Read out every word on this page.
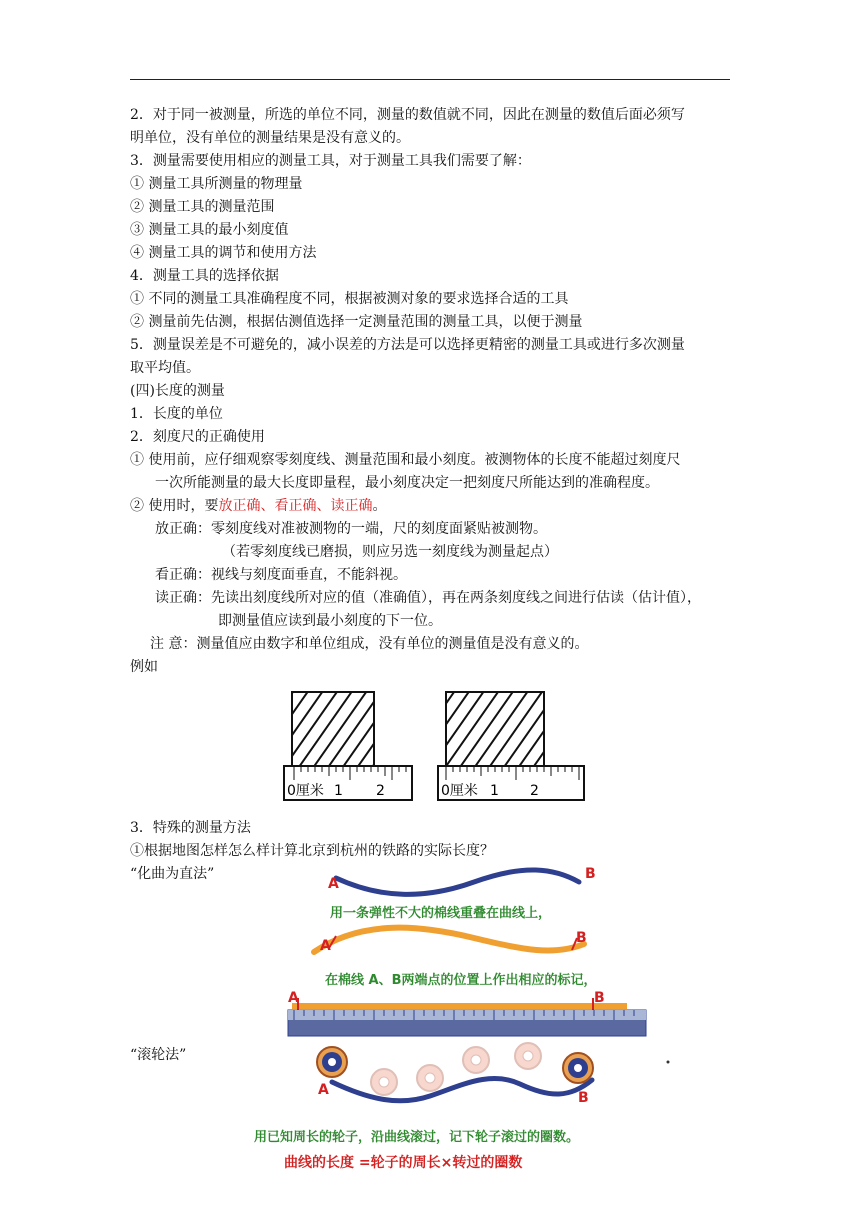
2．对于同一被测量，所选的单位不同，测量的数值就不同，因此在测量的数值后面必须写
明单位，没有单位的测量结果是没有意义的。
3．测量需要使用相应的测量工具，对于测量工具我们需要了解：
① 测量工具所测量的物理量
② 测量工具的测量范围
③ 测量工具的最小刻度值
④ 测量工具的调节和使用方法
4．测量工具的选择依据
① 不同的测量工具准确程度不同，根据被测对象的要求选择合适的工具
② 测量前先估测，根据估测值选择一定测量范围的测量工具，以便于测量
5．测量误差是不可避免的，减小误差的方法是可以选择更精密的测量工具或进行多次测量
取平均值。
(四)长度的测量
1．长度的单位
2．刻度尺的正确使用
① 使用前，应仔细观察零刻度线、测量范围和最小刻度。被测物体的长度不能超过刻度尺
一次所能测量的最大长度即量程，最小刻度决定一把刻度尺所能达到的准确程度。
② 使用时，要放正确、看正确、读正确。
放正确：零刻度线对准被测物的一端，尺的刻度面紧贴被测物。
（若零刻度线已磨损，则应另选一刻度线为测量起点）
看正确：视线与刻度面垂直，不能斜视。
读正确：先读出刻度线所对应的值（准确值），再在两条刻度线之间进行估读（估计值），
即测量值应读到最小刻度的下一位。
注 意：测量值应由数字和单位组成，没有单位的测量值是没有意义的。
例如
0厘米 1 2	0厘米 1 2
3．特殊的测量方法
①根据地图怎样怎么样计算北京到杭州的铁路的实际长度？
“化曲为直法”
A
B
用一条弹性不大的棉线重叠在曲线上，
A	B
在棉线 A、B两端点的位置上作出相应的标记，
A	B
“滚轮法”
A	B
用已知周长的轮子，沿曲线滚过，记下轮子滚过的圈数。
曲线的长度 =轮子的周长×转过的圈数
